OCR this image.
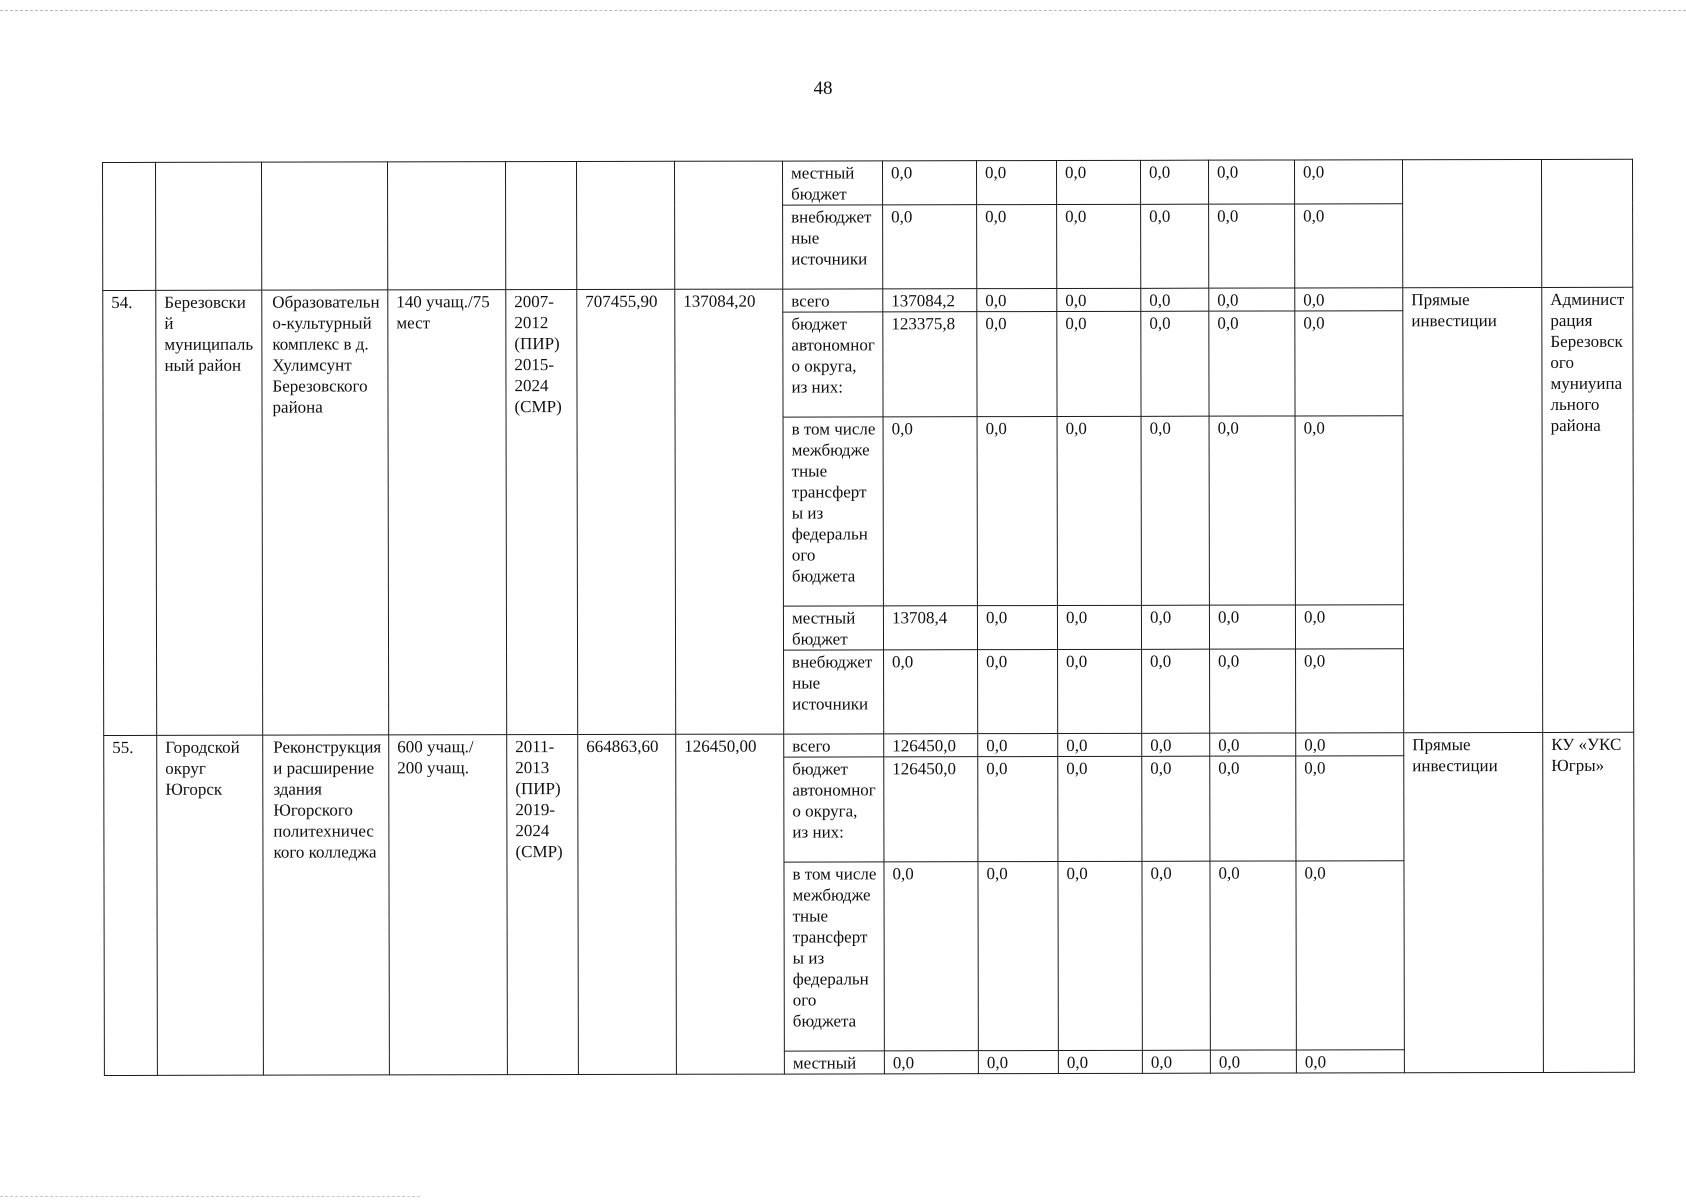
48
							местный бюджет	0,0	0,0	0,0	0,0	0,0	0,0		
							внебюджетные источники	0,0	0,0	0,0	0,0	0,0	0,0		
54.	Березовский муниципальный район	Образовательно-культурный комплекс в д. Хулимсунт Березовского района	140 учащ./75 мест	2007-2012 (ПИР) 2015-2024 (СМР)	707455,90	137084,20	всего	137084,2	0,0	0,0	0,0	0,0	0,0	Прямые инвестиции	Администрация Березовского муниуипального района
							бюджет автономного округа, из них:	123375,8	0,0	0,0	0,0	0,0	0,0		
							в том числе межбюджетные трансферты из федерального бюджета	0,0	0,0	0,0	0,0	0,0	0,0		
							местный бюджет	13708,4	0,0	0,0	0,0	0,0	0,0		
							внебюджетные источники	0,0	0,0	0,0	0,0	0,0	0,0		
55.	Городской округ Югорск	Реконструкция и расширение здания Югорского политехнического колледжа	600 учащ./ 200 учащ.	2011-2013 (ПИР) 2019-2024 (СМР)	664863,60	126450,00	всего	126450,0	0,0	0,0	0,0	0,0	0,0	Прямые инвестиции	КУ «УКС Югры»
							бюджет автономного округа, из них:	126450,0	0,0	0,0	0,0	0,0	0,0		
							в том числе межбюджетные трансферты из федерального бюджета	0,0	0,0	0,0	0,0	0,0	0,0		
							местный	0,0	0,0	0,0	0,0	0,0	0,0		
